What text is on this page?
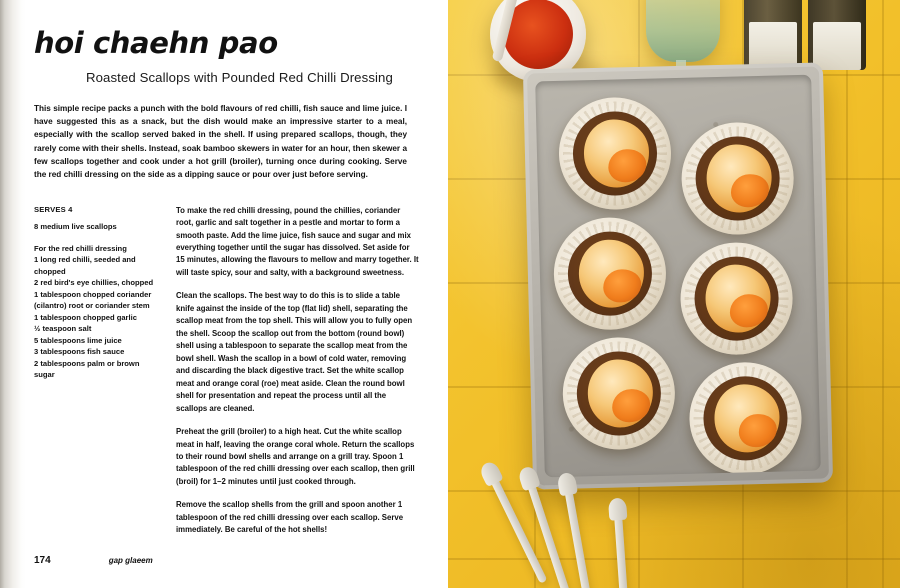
hoi chaehn pao
Roasted Scallops with Pounded Red Chilli Dressing
This simple recipe packs a punch with the bold flavours of red chilli, fish sauce and lime juice. I have suggested this as a snack, but the dish would make an impressive starter to a meal, especially with the scallop served baked in the shell. If using prepared scallops, though, they rarely come with their shells. Instead, soak bamboo skewers in water for an hour, then skewer a few scallops together and cook under a hot grill (broiler), turning once during cooking. Serve the red chilli dressing on the side as a dipping sauce or pour over just before serving.
SERVES 4
8 medium live scallops
For the red chilli dressing
1 long red chilli, seeded and chopped
2 red bird's eye chillies, chopped
1 tablespoon chopped coriander
(cilantro) root or coriander stem
1 tablespoon chopped garlic
½ teaspoon salt
5 tablespoons lime juice
3 tablespoons fish sauce
2 tablespoons palm or brown sugar

To make the red chilli dressing, pound the chillies, coriander root, garlic and salt together in a pestle and mortar to form a smooth paste. Add the lime juice, fish sauce and sugar and mix everything together until the sugar has dissolved. Set aside for 15 minutes, allowing the flavours to mellow and marry together. It will taste spicy, sour and salty, with a background sweetness.

Clean the scallops. The best way to do this is to slide a table knife against the inside of the top (flat lid) shell, separating the scallop meat from the top shell. This will allow you to fully open the shell. Scoop the scallop out from the bottom (round bowl) shell using a tablespoon to separate the scallop meat from the bowl shell. Wash the scallop in a bowl of cold water, removing and discarding the black digestive tract. Set the white scallop meat and orange coral (roe) meat aside. Clean the round bowl shell for presentation and repeat the process until all the scallops are cleaned.

Preheat the grill (broiler) to a high heat. Cut the white scallop meat in half, leaving the orange coral whole. Return the scallops to their round bowl shells and arrange on a grill tray. Spoon 1 tablespoon of the red chilli dressing over each scallop, then grill (broil) for 1–2 minutes until just cooked through.

Remove the scallop shells from the grill and spoon another 1 tablespoon of the red chilli dressing over each scallop. Serve immediately. Be careful of the hot shells!

174	gap glaeem
